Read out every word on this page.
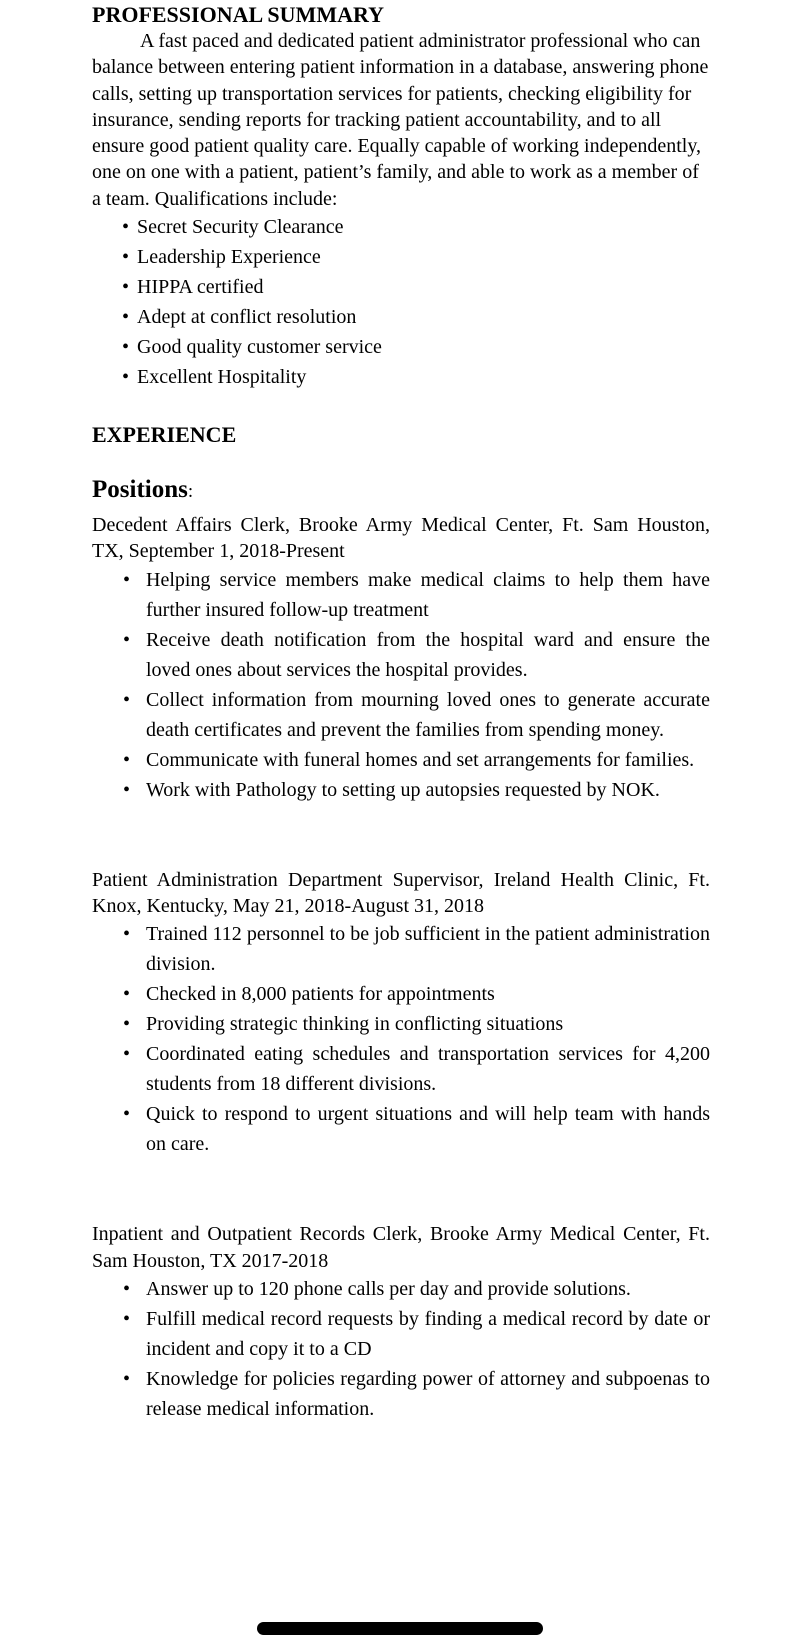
PROFESSIONAL SUMMARY

A fast paced and dedicated patient administrator professional who can balance between entering patient information in a database, answering phone calls, setting up transportation services for patients, checking eligibility for insurance, sending reports for tracking patient accountability, and to all ensure good patient quality care. Equally capable of working independently, one on one with a patient, patient’s family, and able to work as a member of a team. Qualifications include:

• Secret Security Clearance
• Leadership Experience
• HIPPA certified
• Adept at conflict resolution
• Good quality customer service
• Excellent Hospitality
EXPERIENCE
Positions:

Decedent Affairs Clerk, Brooke Army Medical Center, Ft. Sam Houston, TX, September 1, 2018-Present

• Helping service members make medical claims to help them have further insured follow-up treatment
• Receive death notification from the hospital ward and ensure the loved ones about services the hospital provides.
• Collect information from mourning loved ones to generate accurate death certificates and prevent the families from spending money.
• Communicate with funeral homes and set arrangements for families.
• Work with Pathology to setting up autopsies requested by NOK.

Patient Administration Department Supervisor, Ireland Health Clinic, Ft. Knox, Kentucky, May 21, 2018-August 31, 2018

• Trained 112 personnel to be job sufficient in the patient administration division.
• Checked in 8,000 patients for appointments
• Providing strategic thinking in conflicting situations
• Coordinated eating schedules and transportation services for 4,200 students from 18 different divisions.
• Quick to respond to urgent situations and will help team with hands on care.

Inpatient and Outpatient Records Clerk, Brooke Army Medical Center, Ft. Sam Houston, TX 2017-2018

• Answer up to 120 phone calls per day and provide solutions.
• Fulfill medical record requests by finding a medical record by date or incident and copy it to a CD
• Knowledge for policies regarding power of attorney and subpoenas to release medical information.
